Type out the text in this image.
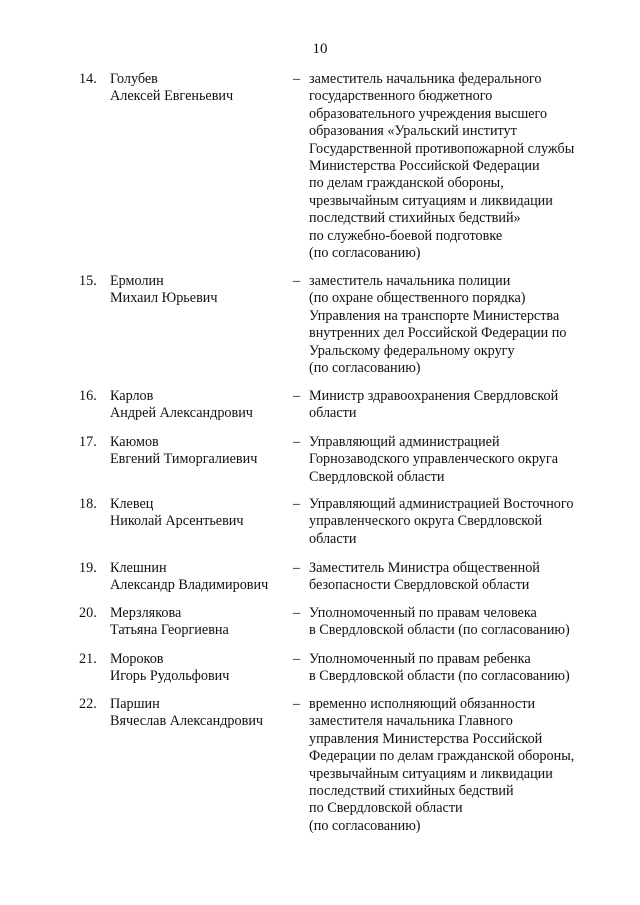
10
14. Голубев
Алексей Евгеньевич
– заместитель начальника федерального
государственного бюджетного
образовательного учреждения высшего
образования «Уральский институт
Государственной противопожарной службы
Министерства Российской Федерации
по делам гражданской обороны,
чрезвычайным ситуациям и ликвидации
последствий стихийных бедствий»
по служебно-боевой подготовке
(по согласованию)
15. Ермолин
Михаил Юрьевич
– заместитель начальника полиции
(по охране общественного порядка)
Управления на транспорте Министерства
внутренних дел Российской Федерации по
Уральскому федеральному округу
(по согласованию)
16. Карлов
Андрей Александрович
– Министр здравоохранения Свердловской
области
17. Каюмов
Евгений Тиморгалиевич
– Управляющий администрацией
Горнозаводского управленческого округа
Свердловской области
18. Клевец
Николай Арсентьевич
– Управляющий администрацией Восточного
управленческого округа Свердловской
области
19. Клешнин
Александр Владимирович
– Заместитель Министра общественной
безопасности Свердловской области
20. Мерзлякова
Татьяна Георгиевна
– Уполномоченный по правам человека
в Свердловской области (по согласованию)
21. Мороков
Игорь Рудольфович
– Уполномоченный по правам ребенка
в Свердловской области (по согласованию)
22. Паршин
Вячеслав Александрович
– временно исполняющий обязанности
заместителя начальника Главного
управления Министерства Российской
Федерации по делам гражданской обороны,
чрезвычайным ситуациям и ликвидации
последствий стихийных бедствий
по Свердловской области
(по согласованию)
